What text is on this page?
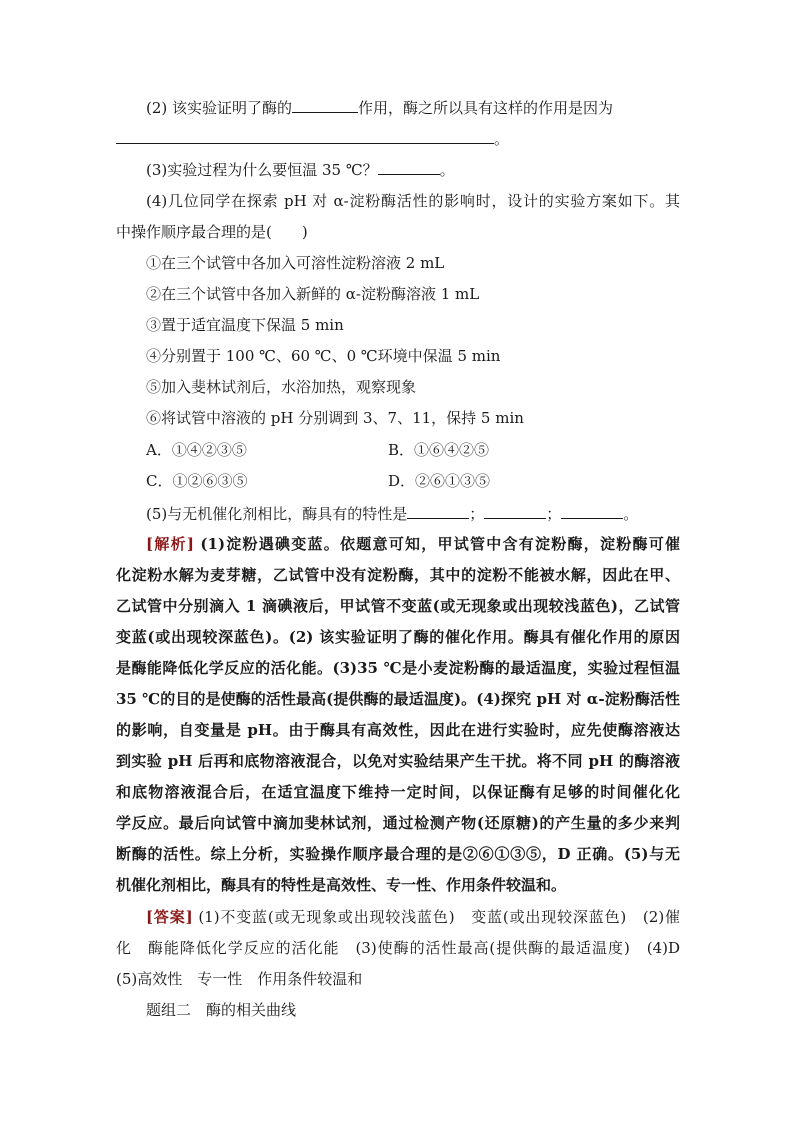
(2) 该实验证明了酶的	作用，酶之所以具有这样的作用是因为
。
(3)实验过程为什么要恒温 35 ℃？	。
(4)几位同学在探索 pH 对 α-淀粉酶活性的影响时，设计的实验方案如下。其
中操作顺序最合理的是(　　)
①在三个试管中各加入可溶性淀粉溶液 2 mL
②在三个试管中各加入新鲜的 α-淀粉酶溶液 1 mL
③置于适宜温度下保温 5 min
④分别置于 100 ℃、60 ℃、0 ℃环境中保温 5 min
⑤加入斐林试剂后，水浴加热，观察现象
⑥将试管中溶液的 pH 分别调到 3、7、11，保持 5 min
A．①④②③⑤	B．①⑥④②⑤
C．①②⑥③⑤	D．②⑥①③⑤
(5)与无机催化剂相比，酶具有的特性是	；	；	。
[解析] (1)淀粉遇碘变蓝。依题意可知，甲试管中含有淀粉酶，淀粉酶可催
化淀粉水解为麦芽糖，乙试管中没有淀粉酶，其中的淀粉不能被水解，因此在甲、
乙试管中分别滴入 1 滴碘液后，甲试管不变蓝(或无现象或出现较浅蓝色)，乙试管
变蓝(或出现较深蓝色)。(2) 该实验证明了酶的催化作用。酶具有催化作用的原因
是酶能降低化学反应的活化能。(3)35 ℃是小麦淀粉酶的最适温度，实验过程恒温
35 ℃的目的是使酶的活性最高(提供酶的最适温度)。(4)探究 pH 对 α-淀粉酶活性
的影响，自变量是 pH。由于酶具有高效性，因此在进行实验时，应先使酶溶液达
到实验 pH 后再和底物溶液混合，以免对实验结果产生干扰。将不同 pH 的酶溶液
和底物溶液混合后，在适宜温度下维持一定时间，以保证酶有足够的时间催化化
学反应。最后向试管中滴加斐林试剂，通过检测产物(还原糖)的产生量的多少来判
断酶的活性。综上分析，实验操作顺序最合理的是②⑥①③⑤，D 正确。(5)与无
机催化剂相比，酶具有的特性是高效性、专一性、作用条件较温和。
[答案] (1)不变蓝(或无现象或出现较浅蓝色)　变蓝(或出现较深蓝色)　(2)催
化　酶能降低化学反应的活化能　(3)使酶的活性最高(提供酶的最适温度)　(4)D
(5)高效性　专一性　作用条件较温和
题组二　酶的相关曲线
